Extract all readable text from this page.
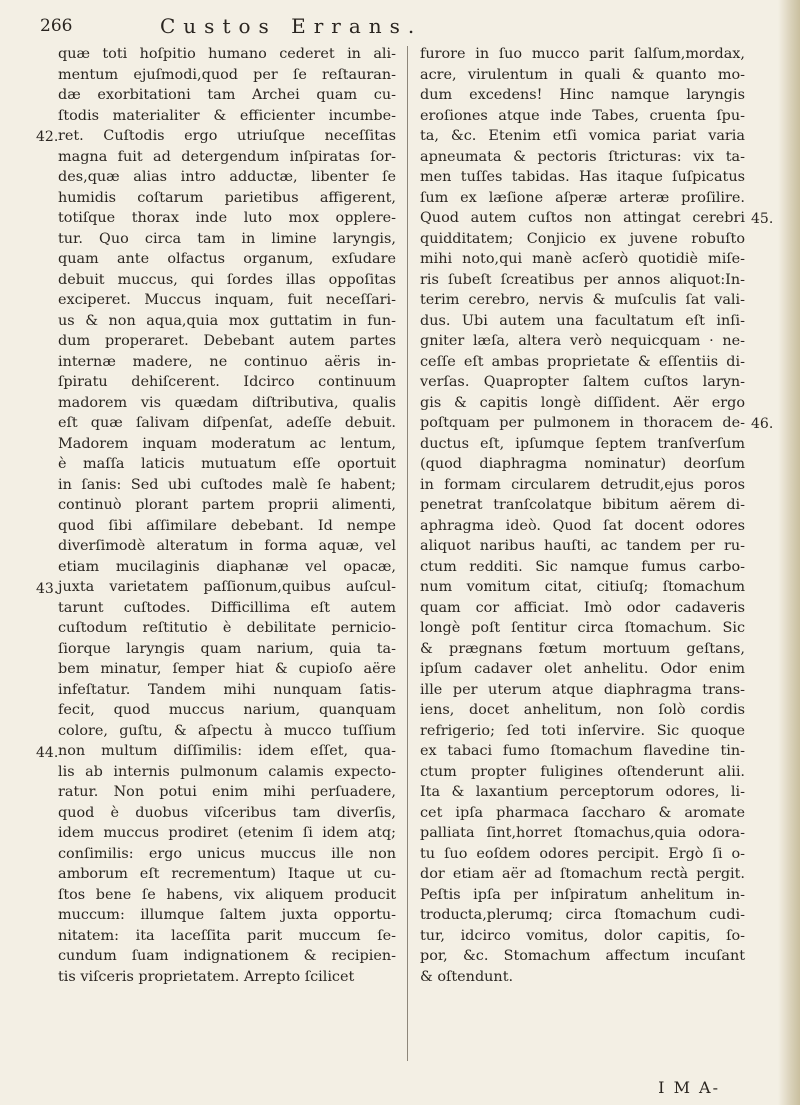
266	Custos Errans.
quæ toti hoſpitio humano cederet in ali-
mentum ejuſmodi,quod per ſe reſtauran-
dæ exorbitationi tam Archei quam cu-
ſtodis materialiter & efficienter incumbe-
ret. Cuſtodis ergo utriuſque neceſſitas
magna fuit ad detergendum inſpiratas ſor-
des,quæ alias intro adductæ, libenter ſe
humidis coſtarum parietibus affigerent,
totiſque thorax inde luto mox opplere-
tur. Quo circa tam in limine laryngis,
quam ante olfactus organum, exſudare
debuit muccus, qui ſordes illas oppoſitas
exciperet. Muccus inquam, fuit neceſſari-
us & non aqua,quia mox guttatim in fun-
dum properaret. Debebant autem partes
internæ madere, ne continuo aëris in-
ſpiratu dehiſcerent. Idcirco continuum
madorem vis quædam diſtributiva, qualis
eſt quæ ſalivam diſpenſat, adeſſe debuit.
Madorem inquam moderatum ac lentum,
è maſſa laticis mutuatum eſſe oportuit
in ſanis: Sed ubi cuſtodes malè ſe habent;
continuò plorant partem proprii alimenti,
quod ſibi aſſimilare debebant. Id nempe
diverſimodè alteratum in forma aquæ, vel
etiam mucilaginis diaphanæ vel opacæ,
juxta varietatem paſſionum,quibus auſcul-
tarunt cuſtodes. Difficillima eſt autem
cuſtodum reſtitutio è debilitate pernicio-
ſiorque laryngis quam narium, quia ta-
bem minatur, ſemper hiat & cupioſo aëre
infeſtatur. Tandem mihi nunquam ſatis-
fecit, quod muccus narium, quanquam
colore, guſtu, & aſpectu à mucco tuſſium
non multum diſſimilis: idem eſſet, qua-
lis ab internis pulmonum calamis expecto-
ratur. Non potui enim mihi perſuadere,
quod è duobus viſceribus tam diverſis,
idem muccus prodiret (etenim ſi idem atq;
conſimilis: ergo unicus muccus ille non
amborum eſt recrementum) Itaque ut cu-
ſtos bene ſe habens, vix aliquem producit
muccum: illumque ſaltem juxta opportu-
nitatem: ita laceſſita parit muccum ſe-
cundum ſuam indignationem & recipien-
tis viſceris proprietatem. Arrepto ſcilicet
furore in ſuo mucco parit ſalſum,mordax,
acre, virulentum in quali & quanto mo-
dum excedens! Hinc namque laryngis
eroſiones atque inde Tabes, cruenta ſpu-
ta, &c. Etenim etſi vomica pariat varia
apneumata & pectoris ſtricturas: vix ta-
men tuſſes tabidas. Has itaque ſuſpicatus
ſum ex læſione aſperæ arteræ proſilire.
Quod autem cuſtos non attingat cerebri
quidditatem; Conjicio ex juvene robuſto
mihi noto,qui manè acſerò quotidiè miſe-
ris ſubeſt ſcreatibus per annos aliquot:In-
terim cerebro, nervis & muſculis ſat vali-
dus. Ubi autem una facultatum eſt inſi-
gniter læſa, altera verò nequicquam · ne-
ceſſe eſt ambas proprietate & eſſentiis di-
verſas. Quapropter ſaltem cuſtos laryn-
gis & capitis longè diſſident. Aër ergo
poſtquam per pulmonem in thoracem de-
ductus eſt, ipſumque ſeptem tranſverſum
(quod diaphragma nominatur) deorſum
in formam circularem detrudit,ejus poros
penetrat tranſcolatque bibitum aërem di-
aphragma ideò. Quod ſat docent odores
aliquot naribus hauſti, ac tandem per ru-
ctum redditi. Sic namque fumus carbo-
num vomitum citat, citiuſq; ſtomachum
quam cor afficiat. Imò odor cadaveris
longè poſt ſentitur circa ſtomachum. Sic
& prægnans fœtum mortuum geſtans,
ipſum cadaver olet anhelitu. Odor enim
ille per uterum atque diaphragma trans-
iens, docet anhelitum, non ſolò cordis
refrigerio; ſed toti inſervire. Sic quoque
ex tabaci fumo ſtomachum flavedine tin-
ctum propter fuligines oſtenderunt alii.
Ita & laxantium perceptorum odores, li-
cet ipſa pharmaca ſaccharo & aromate
palliata ſint,horret ſtomachus,quia odora-
tu ſuo eoſdem odores percipit. Ergò ſi o-
dor etiam aër ad ſtomachum rectà pergit.
Peſtis ipſa per inſpiratum anhelitum in-
troducta,plerumq; circa ſtomachum cudi-
tur, idcirco vomitus, dolor capitis, ſo-
por, &c. Stomachum affectum incuſant
& oſtendunt.
42.
43.
44.
45.
46.
I M A-
